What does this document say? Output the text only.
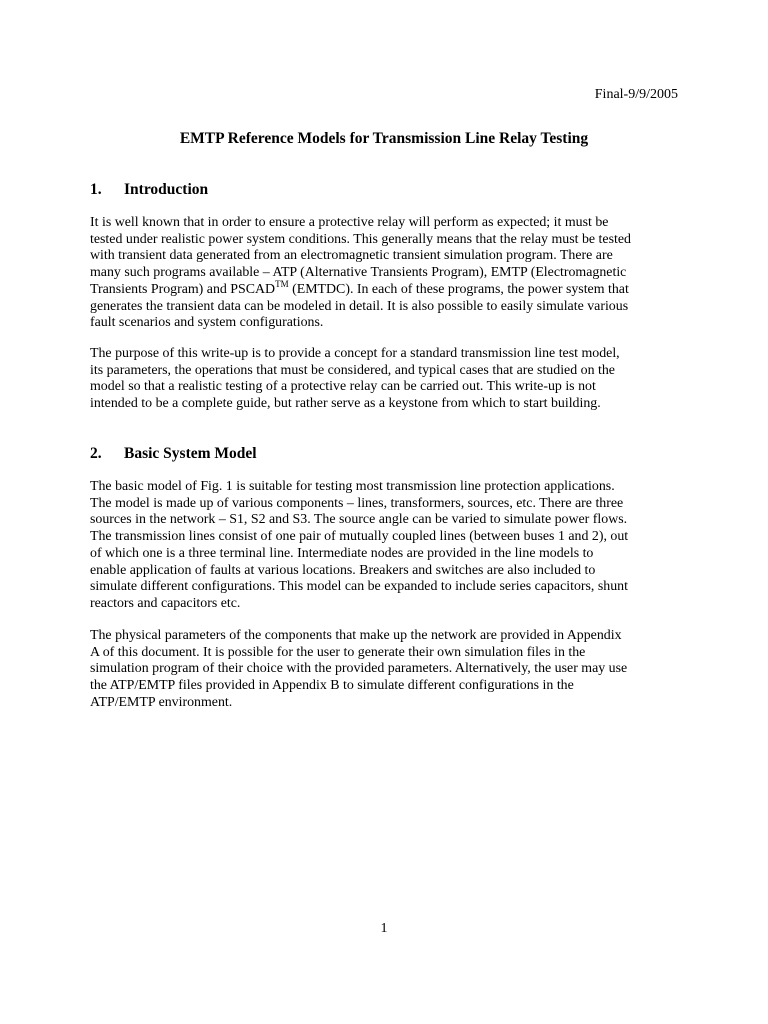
Final-9/9/2005

EMTP Reference Models for Transmission Line Relay Testing
1. Introduction

It is well known that in order to ensure a protective relay will perform as expected; it must be
tested under realistic power system conditions. This generally means that the relay must be tested
with transient data generated from an electromagnetic transient simulation program. There are
many such programs available – ATP (Alternative Transients Program), EMTP (Electromagnetic
Transients Program) and PSCAD™ (EMTDC). In each of these programs, the power system that
generates the transient data can be modeled in detail. It is also possible to easily simulate various
fault scenarios and system configurations.

The purpose of this write-up is to provide a concept for a standard transmission line test model,
its parameters, the operations that must be considered, and typical cases that are studied on the
model so that a realistic testing of a protective relay can be carried out. This write-up is not
intended to be a complete guide, but rather serve as a keystone from which to start building.

2. Basic System Model

The basic model of Fig. 1 is suitable for testing most transmission line protection applications.
The model is made up of various components – lines, transformers, sources, etc. There are three
sources in the network – S1, S2 and S3. The source angle can be varied to simulate power flows.
The transmission lines consist of one pair of mutually coupled lines (between buses 1 and 2), out
of which one is a three terminal line. Intermediate nodes are provided in the line models to
enable application of faults at various locations. Breakers and switches are also included to
simulate different configurations. This model can be expanded to include series capacitors, shunt
reactors and capacitors etc.

The physical parameters of the components that make up the network are provided in Appendix
A of this document. It is possible for the user to generate their own simulation files in the
simulation program of their choice with the provided parameters. Alternatively, the user may use
the ATP/EMTP files provided in Appendix B to simulate different configurations in the
ATP/EMTP environment.

1
